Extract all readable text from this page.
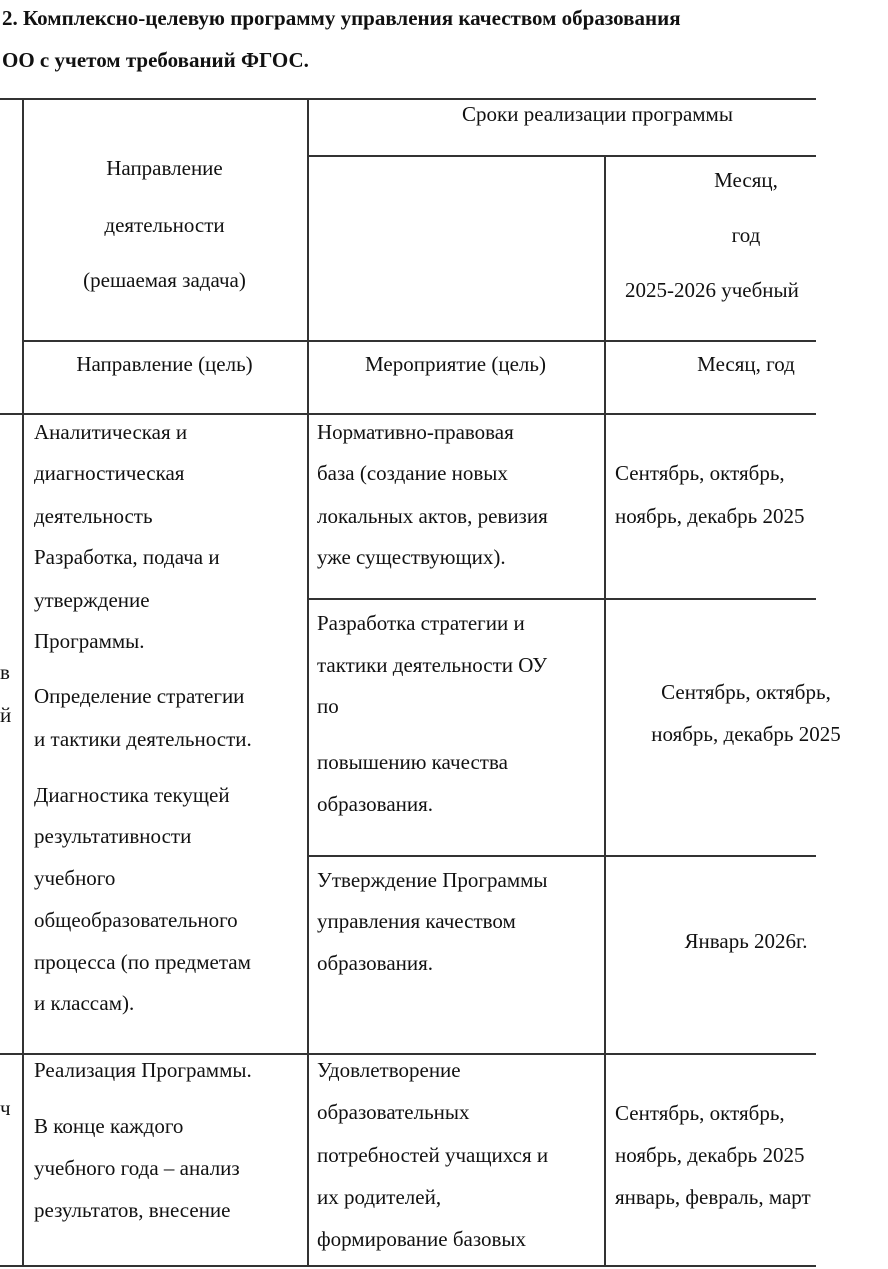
2. Комплексно-целевую программу управления качеством образования
ОО с учетом требований ФГОС.
Сроки реализации программы
Направление
деятельности
(решаемая задача)
Месяц,
год
2025-2026 учебный
Направление (цель)	Мероприятие (цель)	Месяц, год
в
й
ч
Аналитическая и
диагностическая
деятельность
Разработка, подача и
утверждение
Программы.
Определение стратегии
и тактики деятельности.
Диагностика текущей
результативности
учебного
общеобразовательного
процесса (по предметам
и классам).
Нормативно-правовая
база (создание новых
локальных актов, ревизия
уже существующих).
Сентябрь, октябрь,
ноябрь, декабрь 2025
Разработка стратегии и
тактики деятельности ОУ
по
повышению качества
образования.
Сентябрь, октябрь,
ноябрь, декабрь 2025
Утверждение Программы
управления качеством
образования.
Январь 2026г.
Реализация Программы.
В конце каждого
учебного года – анализ
результатов, внесение
Удовлетворение
образовательных
потребностей учащихся и
их родителей,
формирование базовых
Сентябрь, октябрь,
ноябрь, декабрь 2025
январь, февраль, март
